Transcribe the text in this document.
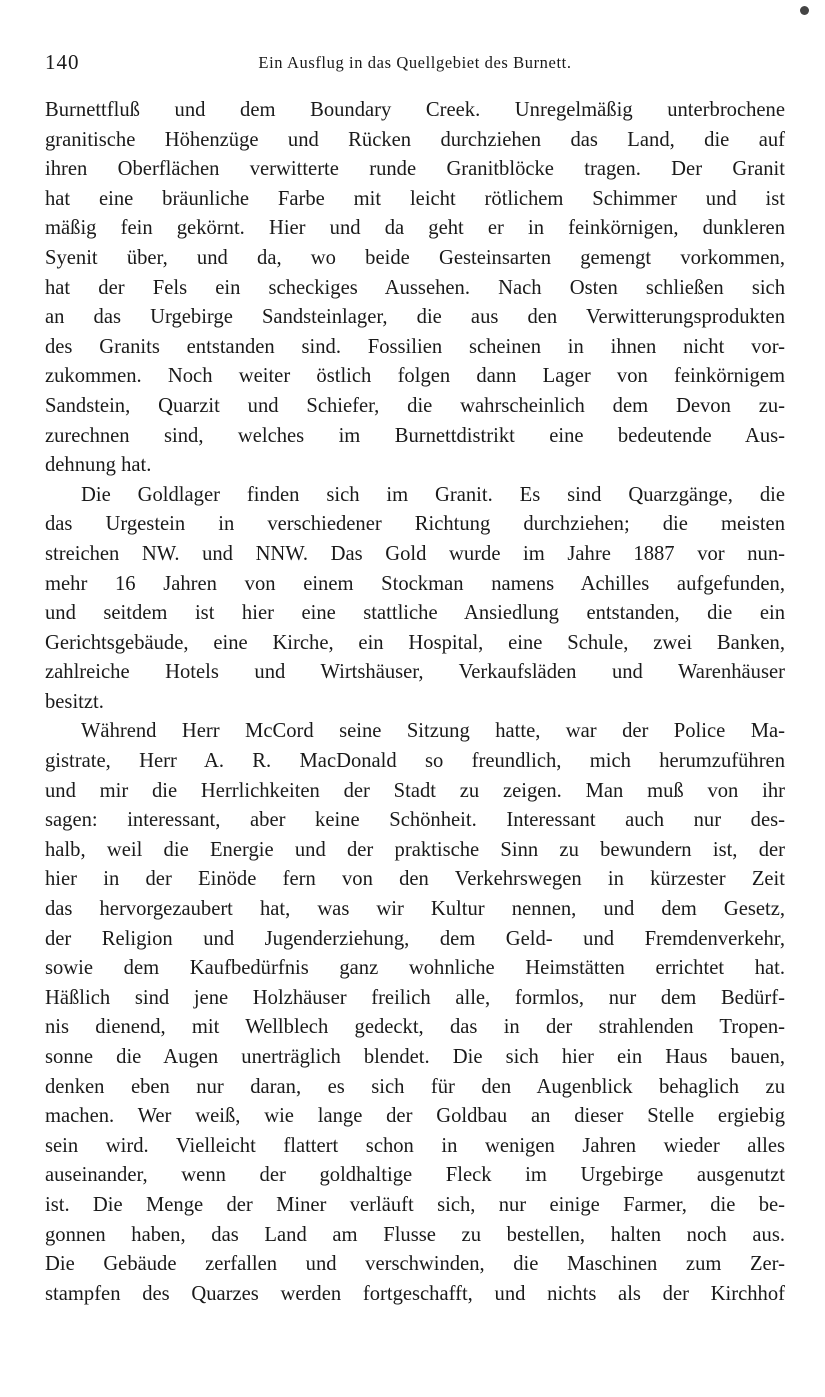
140	Ein Ausflug in das Quellgebiet des Burnett.
Burnettfluß und dem Boundary Creek. Unregelmäßig unterbrochene
granitische Höhenzüge und Rücken durchziehen das Land, die auf
ihren Oberflächen verwitterte runde Granitblöcke tragen. Der Granit
hat eine bräunliche Farbe mit leicht rötlichem Schimmer und ist
mäßig fein gekörnt. Hier und da geht er in feinkörnigen, dunkleren
Syenit über, und da, wo beide Gesteinsarten gemengt vorkommen,
hat der Fels ein scheckiges Aussehen. Nach Osten schließen sich
an das Urgebirge Sandsteinlager, die aus den Verwitterungsprodukten
des Granits entstanden sind. Fossilien scheinen in ihnen nicht vor-
zukommen. Noch weiter östlich folgen dann Lager von feinkörnigem
Sandstein, Quarzit und Schiefer, die wahrscheinlich dem Devon zu-
zurechnen sind, welches im Burnettdistrikt eine bedeutende Aus-
dehnung hat.
Die Goldlager finden sich im Granit. Es sind Quarzgänge, die
das Urgestein in verschiedener Richtung durchziehen; die meisten
streichen NW. und NNW. Das Gold wurde im Jahre 1887 vor nun-
mehr 16 Jahren von einem Stockman namens Achilles aufgefunden,
und seitdem ist hier eine stattliche Ansiedlung entstanden, die ein
Gerichtsgebäude, eine Kirche, ein Hospital, eine Schule, zwei Banken,
zahlreiche Hotels und Wirtshäuser, Verkaufsläden und Warenhäuser
besitzt.
Während Herr McCord seine Sitzung hatte, war der Police Ma-
gistrate, Herr A. R. MacDonald so freundlich, mich herumzuführen
und mir die Herrlichkeiten der Stadt zu zeigen. Man muß von ihr
sagen: interessant, aber keine Schönheit. Interessant auch nur des-
halb, weil die Energie und der praktische Sinn zu bewundern ist, der
hier in der Einöde fern von den Verkehrswegen in kürzester Zeit
das hervorgezaubert hat, was wir Kultur nennen, und dem Gesetz,
der Religion und Jugenderziehung, dem Geld- und Fremdenverkehr,
sowie dem Kaufbedürfnis ganz wohnliche Heimstätten errichtet hat.
Häßlich sind jene Holzhäuser freilich alle, formlos, nur dem Bedürf-
nis dienend, mit Wellblech gedeckt, das in der strahlenden Tropen-
sonne die Augen unerträglich blendet. Die sich hier ein Haus bauen,
denken eben nur daran, es sich für den Augenblick behaglich zu
machen. Wer weiß, wie lange der Goldbau an dieser Stelle ergiebig
sein wird. Vielleicht flattert schon in wenigen Jahren wieder alles
auseinander, wenn der goldhaltige Fleck im Urgebirge ausgenutzt
ist. Die Menge der Miner verläuft sich, nur einige Farmer, die be-
gonnen haben, das Land am Flusse zu bestellen, halten noch aus.
Die Gebäude zerfallen und verschwinden, die Maschinen zum Zer-
stampfen des Quarzes werden fortgeschafft, und nichts als der Kirchhof
